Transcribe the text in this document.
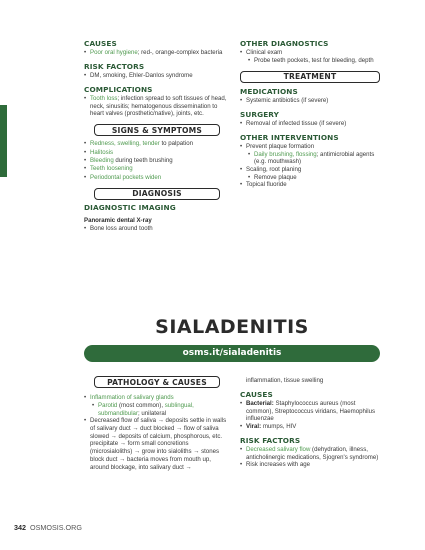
CAUSES
• Poor oral hygiene; red-, orange-complex bacteria
RISK FACTORS
• DM, smoking, Ehler-Danlos syndrome
COMPLICATIONS
• Tooth loss; infection spread to soft tissues of head, neck, sinusitis; hematogenous dissemination to heart valves (prosthetic/native), joints, etc.
SIGNS & SYMPTOMS
• Redness, swelling, tender to palpation
• Halitosis
• Bleeding during teeth brushing
• Teeth loosening
• Periodontal pockets widen
DIAGNOSIS
DIAGNOSTIC IMAGING
Panoramic dental X-ray
• Bone loss around tooth
OTHER DIAGNOSTICS
• Clinical exam
• Probe teeth pockets, test for bleeding, depth
TREATMENT
MEDICATIONS
• Systemic antibiotics (if severe)
SURGERY
• Removal of infected tissue (if severe)
OTHER INTERVENTIONS
• Prevent plaque formation
• Daily brushing, flossing; antimicrobial agents (e.g. mouthwash)
• Scaling, root planing
• Remove plaque
• Topical fluoride
SIALADENITIS
osms.it/sialadenitis
PATHOLOGY & CAUSES
• Inflammation of salivary glands
• Parotid (most common), sublingual, submandibular; unilateral
• Decreased flow of saliva → deposits settle in walls of salivary duct → duct blocked → flow of saliva slowed → deposits of calcium, phosphorous, etc. precipitate → form small concretions (microsialoliths) → grow into sialoliths → stones block duct → bacteria moves from mouth up, around blockage, into salivary duct →
inflammation, tissue swelling
CAUSES
• Bacterial: Staphylococcus aureus (most common), Streptococcus viridans, Haemophilus influenzae
• Viral: mumps, HIV
RISK FACTORS
• Decreased salivary flow (dehydration, illness, anticholinergic medications, Sjogren's syndrome)
• Risk increases with age
342 OSMOSIS.ORG
